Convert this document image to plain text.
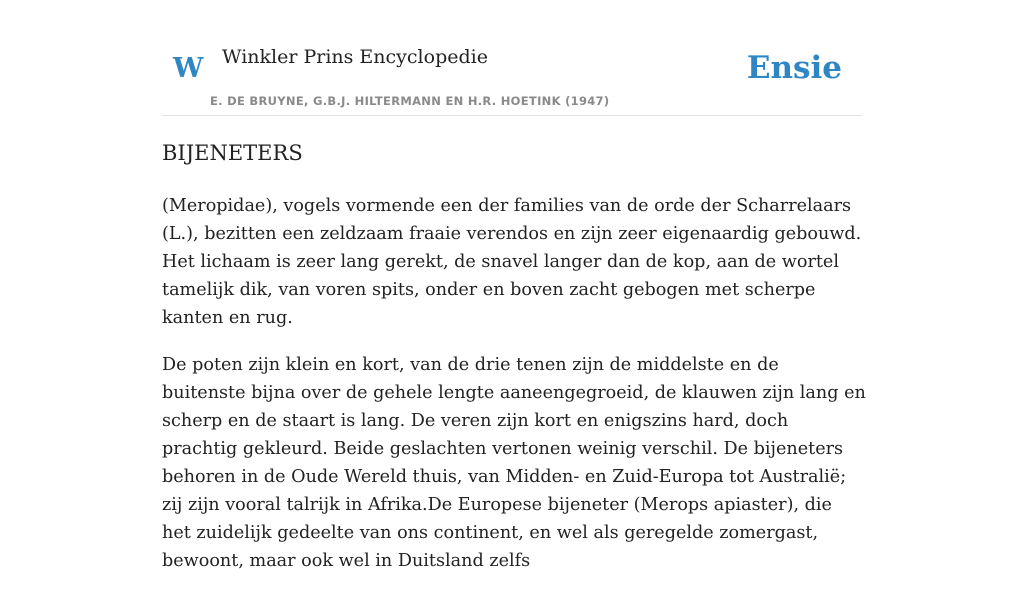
W Winkler Prins Encyclopedie
E. DE BRUYNE, G.B.J. HILTERMANN EN H.R. HOETINK (1947)
Ensie
BIJENETERS

(Meropidae), vogels vormende een der families van de orde der Scharrelaars (L.), bezitten een zeldzaam fraaie verendos en zijn zeer eigenaardig gebouwd. Het lichaam is zeer lang gerekt, de snavel langer dan de kop, aan de wortel tamelijk dik, van voren spits, onder en boven zacht gebogen met scherpe kanten en rug.

De poten zijn klein en kort, van de drie tenen zijn de middelste en de buitenste bijna over de gehele lengte aaneengegroeid, de klauwen zijn lang en scherp en de staart is lang. De veren zijn kort en enigszins hard, doch prachtig gekleurd. Beide geslachten vertonen weinig verschil. De bijeneters behoren in de Oude Wereld thuis, van Midden- en Zuid-Europa tot Australië; zij zijn vooral talrijk in Afrika.De Europese bijeneter (Merops apiaster), die het zuidelijk gedeelte van ons continent, en wel als geregelde zomergast, bewoont, maar ook wel in Duitsland zelfs
